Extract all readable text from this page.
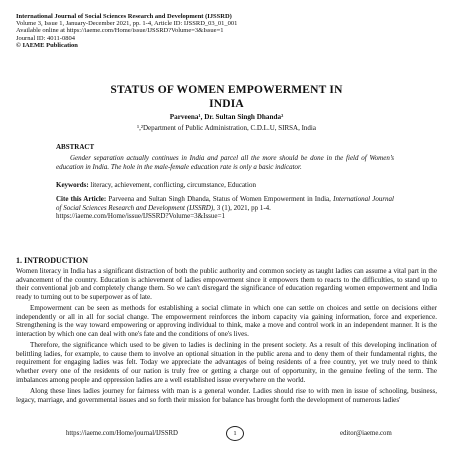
International Journal of Social Sciences Research and Development (IJSSRD)
Volume 3, Issue 1, January-December 2021, pp. 1-4, Article ID: IJSSRD_03_01_001
Available online at https://iaeme.com/Home/issue/IJSSRD?Volume=3&Issue=1
Journal ID: 4011-0804
© IAEME Publication
STATUS OF WOMEN EMPOWERMENT IN
INDIA
Parveena¹, Dr. Sultan Singh Dhanda²
¹,²Department of Public Administration, C.D.L.U, SIRSA, India
ABSTRACT
Gender separation actually continues in India and parcel all the more should be done in the field of Women’s education in India. The hole in the male-female education rate is only a basic indicator.
Keywords: literacy, achievement, conflicting, circumstance, Education
Cite this Article: Parveena and Sultan Singh Dhanda, Status of Women Empowerment in India, International Journal of Social Sciences Research and Development (IJSSRD), 3 (1), 2021, pp 1-4.
https://iaeme.com/Home/issue/IJSSRD?Volume=3&Issue=1
1. INTRODUCTION

Women literacy in India has a significant distraction of both the public authority and common society as taught ladies can assume a vital part in the advancement of the country. Education is achievement of ladies empowerment since it empowers them to reacts to the difficulties, to stand up to their conventional job and completely change them. So we can't disregard the significance of education regarding women empowerment and India ready to turning out to be superpower as of late.

Empowerment can be seen as methods for establishing a social climate in which one can settle on choices and settle on decisions either independently or all in all for social change. The empowerment reinforces the inborn capacity via gaining information, force and experience. Strengthening is the way toward empowering or approving individual to think, make a move and control work in an independent manner. It is the interaction by which one can deal with one's fate and the conditions of one's lives.

Therefore, the significance which used to be given to ladies is declining in the present society. As a result of this developing inclination of belittling ladies, for example, to cause them to involve an optional situation in the public arena and to deny them of their fundamental rights, the requirement for engaging ladies was felt. Today we appreciate the advantages of being residents of a free country, yet we truly need to think whether every one of the residents of our nation is truly free or getting a charge out of opportunity, in the genuine feeling of the term. The imbalances among people and oppression ladies are a well established issue everywhere on the world.

Along these lines ladies journey for fairness with man is a general wonder. Ladies should rise to with men in issue of schooling, business, legacy, marriage, and governmental issues and so forth their mission for balance has brought forth the development of numerous ladies'

https://iaeme.com/Home/journal/IJSSRD	1	editor@iaeme.com
